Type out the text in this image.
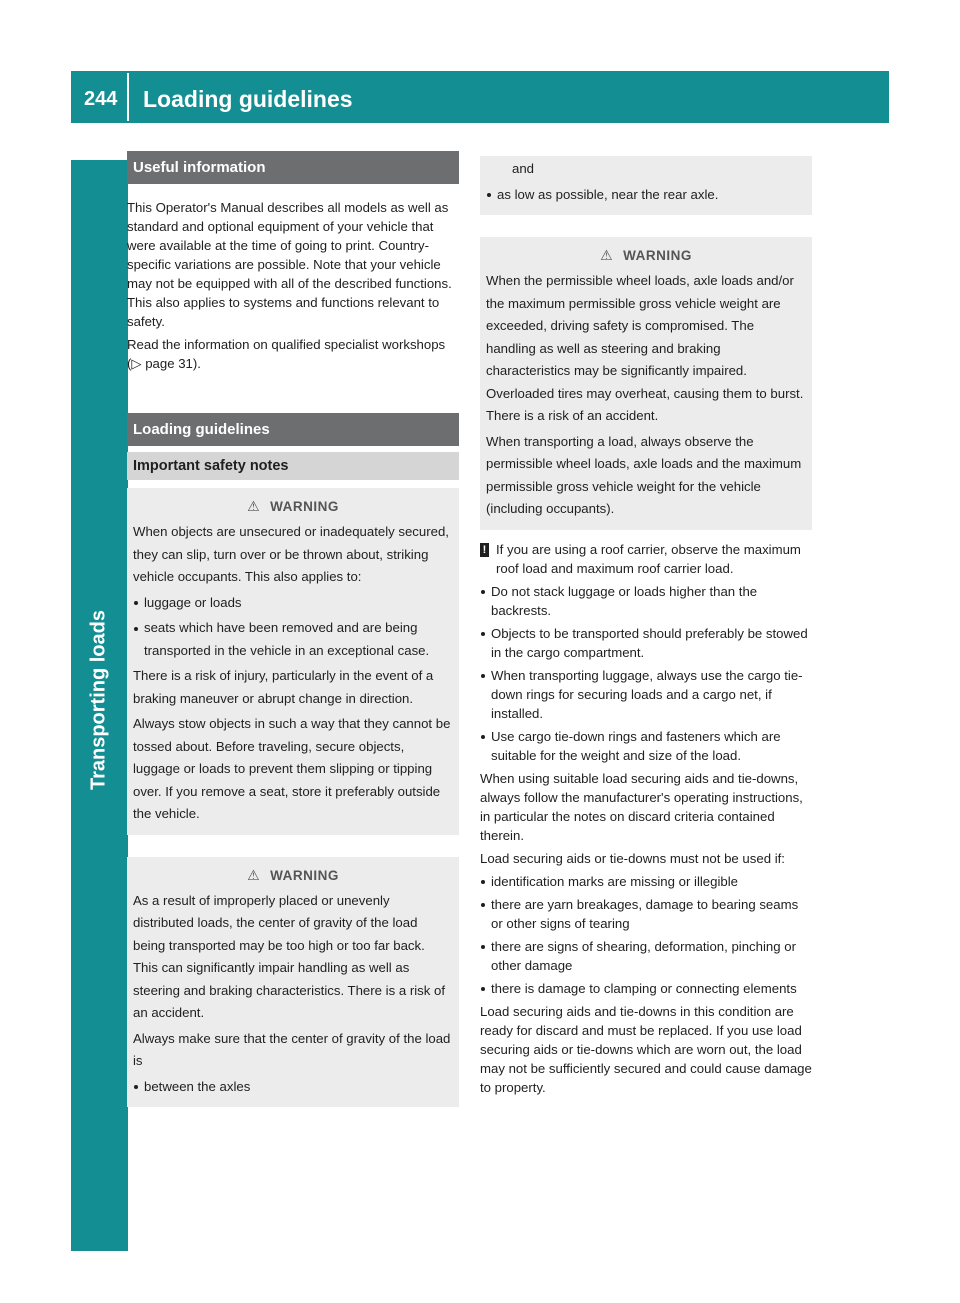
244 Loading guidelines
Transporting loads
Useful information

This Operator's Manual describes all models as well as standard and optional equipment of your vehicle that were available at the time of going to print. Country-specific variations are possible. Note that your vehicle may not be equipped with all of the described functions. This also applies to systems and functions relevant to safety.

Read the information on qualified specialist workshops (▷ page 31).

Loading guidelines
Important safety notes
⚠ WARNING

When objects are unsecured or inadequately secured, they can slip, turn over or be thrown about, striking vehicle occupants. This also applies to:

luggage or loads
seats which have been removed and are being transported in the vehicle in an exceptional case.

There is a risk of injury, particularly in the event of a braking maneuver or abrupt change in direction.

Always stow objects in such a way that they cannot be tossed about. Before traveling, secure objects, luggage or loads to prevent them slipping or tipping over. If you remove a seat, store it preferably outside the vehicle.

⚠ WARNING

As a result of improperly placed or unevenly distributed loads, the center of gravity of the load being transported may be too high or too far back. This can significantly impair handling as well as steering and braking characteristics. There is a risk of an accident.

Always make sure that the center of gravity of the load is

between the axles

and

as low as possible, near the rear axle.
⚠ WARNING

When the permissible wheel loads, axle loads and/or the maximum permissible gross vehicle weight are exceeded, driving safety is compromised. The handling as well as steering and braking characteristics may be significantly impaired. Overloaded tires may overheat, causing them to burst. There is a risk of an accident.

When transporting a load, always observe the permissible wheel loads, axle loads and the maximum permissible gross vehicle weight for the vehicle (including occupants).

! If you are using a roof carrier, observe the maximum roof load and maximum roof carrier load.
Do not stack luggage or loads higher than the backrests.
Objects to be transported should preferably be stowed in the cargo compartment.
When transporting luggage, always use the cargo tie-down rings for securing loads and a cargo net, if installed.
Use cargo tie-down rings and fasteners which are suitable for the weight and size of the load.

When using suitable load securing aids and tie-downs, always follow the manufacturer's operating instructions, in particular the notes on discard criteria contained therein.

Load securing aids or tie-downs must not be used if:

identification marks are missing or illegible
there are yarn breakages, damage to bearing seams or other signs of tearing
there are signs of shearing, deformation, pinching or other damage
there is damage to clamping or connecting elements

Load securing aids and tie-downs in this condition are ready for discard and must be replaced. If you use load securing aids or tie-downs which are worn out, the load may not be sufficiently secured and could cause damage to property.
